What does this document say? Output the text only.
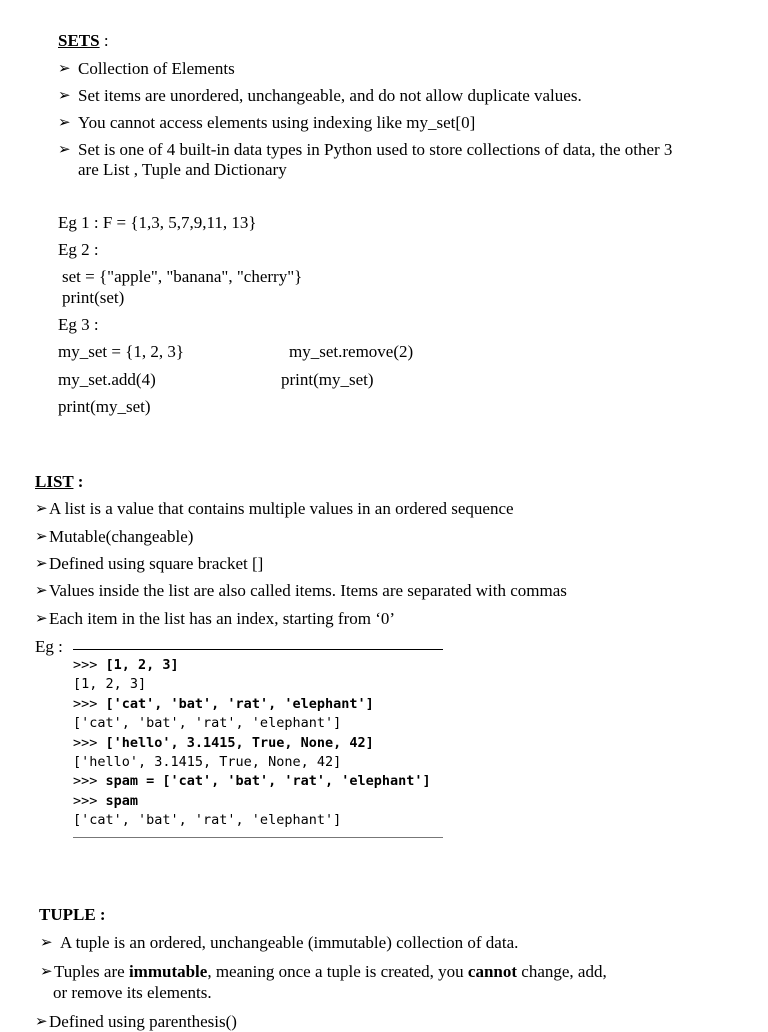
SETS :
➢ Collection of Elements
➢ Set items are unordered, unchangeable, and do not allow duplicate values.
➢ You cannot access elements using indexing like my_set[0]
➢ Set is one of 4 built-in data types in Python used to store collections of data, the other 3
are List , Tuple and Dictionary
Eg 1 : F = {1,3, 5,7,9,11, 13}
Eg 2 :
set = {"apple", "banana", "cherry"}
print(set)
Eg 3 :
my_set = {1, 2, 3}
my_set.add(4)
print(my_set)
my_set.remove(2)
print(my_set)
LIST :
➢ A list is a value that contains multiple values in an ordered sequence
➢ Mutable(changeable)
➢ Defined using square bracket []
➢ Values inside the list are also called items. Items are separated with commas
➢ Each item in the list has an index, starting from ‘0’
Eg :
>>> [1, 2, 3]
[1, 2, 3]
>>> ['cat', 'bat', 'rat', 'elephant']
['cat', 'bat', 'rat', 'elephant']
>>> ['hello', 3.1415, True, None, 42]
['hello', 3.1415, True, None, 42]
>>> spam = ['cat', 'bat', 'rat', 'elephant']
>>> spam
['cat', 'bat', 'rat', 'elephant']
TUPLE :
➢ A tuple is an ordered, unchangeable (immutable) collection of data.
➢ Tuples are immutable, meaning once a tuple is created, you cannot change, add,
or remove its elements.
➢ Defined using parenthesis()
